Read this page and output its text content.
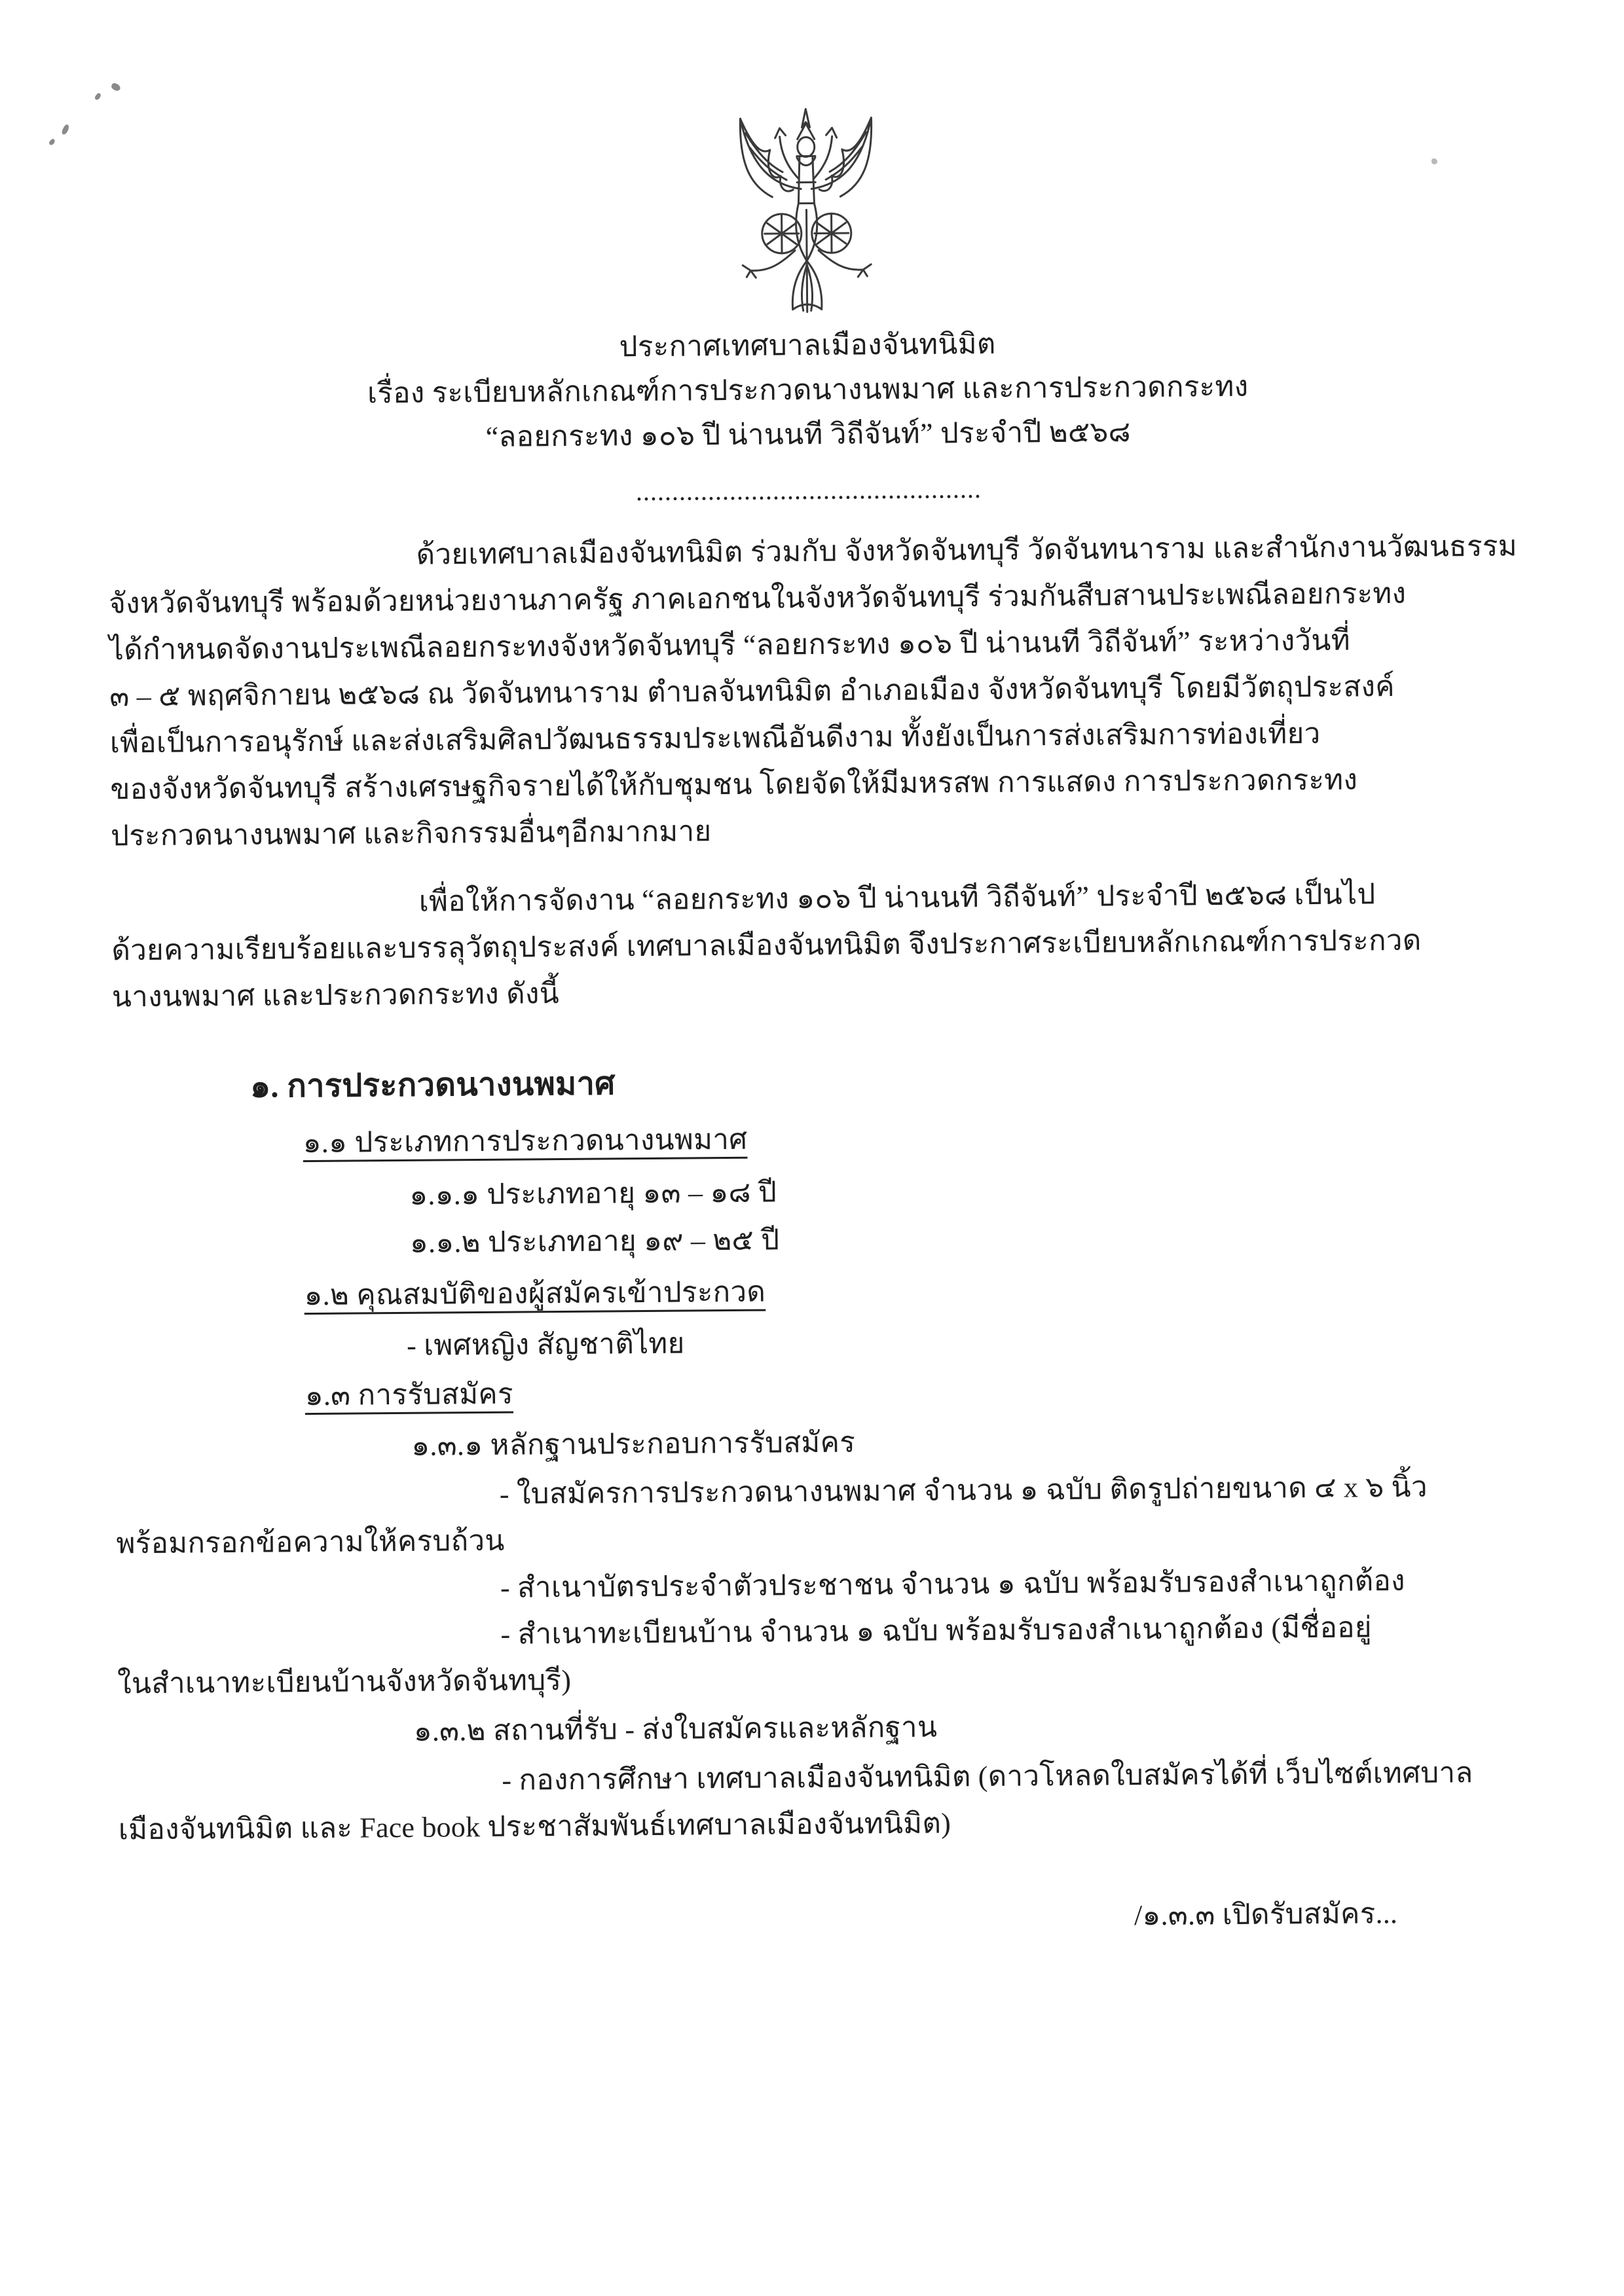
ประกาศเทศบาลเมืองจันทนิมิต
เรื่อง ระเบียบหลักเกณฑ์การประกวดนางนพมาศ และการประกวดกระทง
“ลอยกระทง ๑๐๖ ปี น่านนที วิถีจันท์” ประจำปี ๒๕๖๘
................................................
ด้วยเทศบาลเมืองจันทนิมิต ร่วมกับ จังหวัดจันทบุรี วัดจันทนาราม และสำนักงานวัฒนธรรม
จังหวัดจันทบุรี พร้อมด้วยหน่วยงานภาครัฐ ภาคเอกชนในจังหวัดจันทบุรี ร่วมกันสืบสานประเพณีลอยกระทง
ได้กำหนดจัดงานประเพณีลอยกระทงจังหวัดจันทบุรี “ลอยกระทง ๑๐๖ ปี น่านนที วิถีจันท์” ระหว่างวันที่
๓ – ๕ พฤศจิกายน ๒๕๖๘ ณ วัดจันทนาราม ตำบลจันทนิมิต อำเภอเมือง จังหวัดจันทบุรี โดยมีวัตถุประสงค์
เพื่อเป็นการอนุรักษ์ และส่งเสริมศิลปวัฒนธรรมประเพณีอันดีงาม ทั้งยังเป็นการส่งเสริมการท่องเที่ยว
ของจังหวัดจันทบุรี สร้างเศรษฐกิจรายได้ให้กับชุมชน โดยจัดให้มีมหรสพ การแสดง การประกวดกระทง
ประกวดนางนพมาศ และกิจกรรมอื่นๆอีกมากมาย
เพื่อให้การจัดงาน “ลอยกระทง ๑๐๖ ปี น่านนที วิถีจันท์” ประจำปี ๒๕๖๘ เป็นไป
ด้วยความเรียบร้อยและบรรลุวัตถุประสงค์ เทศบาลเมืองจันทนิมิต จึงประกาศระเบียบหลักเกณฑ์การประกวด
นางนพมาศ และประกวดกระทง ดังนี้
๑. การประกวดนางนพมาศ
๑.๑ ประเภทการประกวดนางนพมาศ
๑.๑.๑ ประเภทอายุ ๑๓ – ๑๘ ปี
๑.๑.๒ ประเภทอายุ ๑๙ – ๒๕ ปี
๑.๒ คุณสมบัติของผู้สมัครเข้าประกวด
- เพศหญิง สัญชาติไทย
๑.๓ การรับสมัคร
๑.๓.๑ หลักฐานประกอบการรับสมัคร
- ใบสมัครการประกวดนางนพมาศ จำนวน ๑ ฉบับ ติดรูปถ่ายขนาด ๔ x ๖ นิ้ว
พร้อมกรอกข้อความให้ครบถ้วน
- สำเนาบัตรประจำตัวประชาชน จำนวน ๑ ฉบับ พร้อมรับรองสำเนาถูกต้อง
- สำเนาทะเบียนบ้าน จำนวน ๑ ฉบับ พร้อมรับรองสำเนาถูกต้อง (มีชื่ออยู่
ในสำเนาทะเบียนบ้านจังหวัดจันทบุรี)
๑.๓.๒ สถานที่รับ - ส่งใบสมัครและหลักฐาน
- กองการศึกษา เทศบาลเมืองจันทนิมิต (ดาวโหลดใบสมัครได้ที่ เว็บไซต์เทศบาล
เมืองจันทนิมิต และ Face book ประชาสัมพันธ์เทศบาลเมืองจันทนิมิต)
/๑.๓.๓ เปิดรับสมัคร...
